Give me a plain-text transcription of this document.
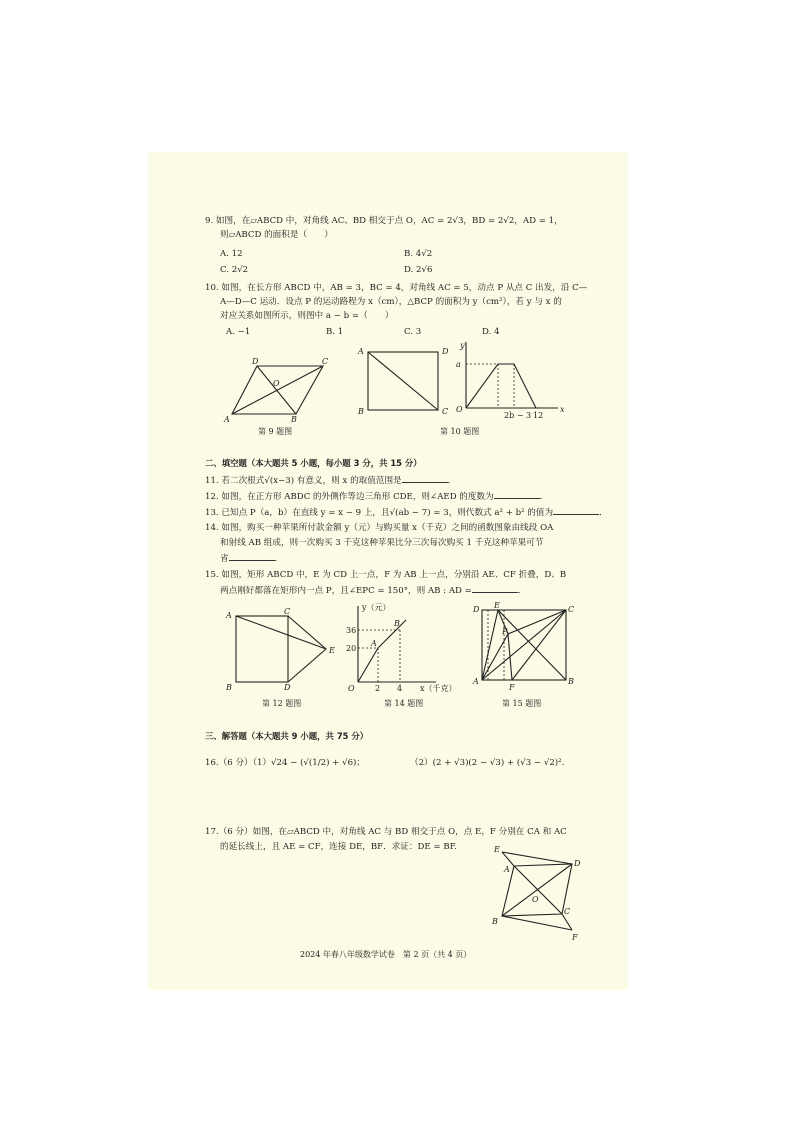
9. 如图，在▱ABCD 中，对角线 AC、BD 相交于点 O，AC = 2√3，BD = 2√2，AD = 1，
则▱ABCD 的面积是（　　）
A. 12	B. 4√2
C. 2√2	D. 2√6
10. 如图，在长方形 ABCD 中，AB = 3，BC = 4，对角线 AC = 5，动点 P 从点 C 出发，沿 C—
A—D—C 运动．设点 P 的运动路程为 x（cm），△BCP 的面积为 y（cm²），若 y 与 x 的
对应关系如图所示，则图中 a − b =（　　）
A. −1	B. 1	C. 3	D. 4
D	C
O
A	B
第 9 题图
A	D
B	C
y
a
O	x
2b − 3 12
第 10 题图
二、填空题（本大题共 5 小题，每小题 3 分，共 15 分）
11. 若二次根式√(x−3) 有意义，则 x 的取值范围是	．
12. 如图，在正方形 ABDC 的外侧作等边三角形 CDE，则∠AED 的度数为	．
13. 已知点 P（a，b）在直线 y = x − 9 上，且√(ab − 7) = 3，则代数式 a² + b² 的值为	．
14. 如图，购买一种苹果所付款金额 y（元）与购买量 x（千克）之间的函数图象由线段 OA
和射线 AB 组成，则一次购买 3 千克这种苹果比分三次每次购买 1 千克这种苹果可节
省	．
15. 如图，矩形 ABCD 中，E 为 CD 上一点，F 为 AB 上一点，分别沿 AE、CF 折叠，D、B
两点刚好都落在矩形内一点 P，且∠EPC = 150°，则 AB : AD =	．
A	C
E
B	D
第 12 题图
36
20
2 4
A
B
O
y（元）
x（千克）
第 14 题图
D E	C
P
A
F
B
第 15 题图
三、解答题（本大题共 9 小题，共 75 分）
16.（6 分）（1）√24 − (√(1/2) + √6)；	（2）(2 + √3)(2 − √3) + (√3 − √2)².
17.（6 分）如图，在▱ABCD 中，对角线 AC 与 BD 相交于点 O，点 E，F 分别在 CA 和 AC
的延长线上，且 AE = CF，连接 DE，BF．求证：DE = BF.	E
D
A
O
B
C
F
2024 年春八年级数学试卷　第 2 页（共 4 页）
